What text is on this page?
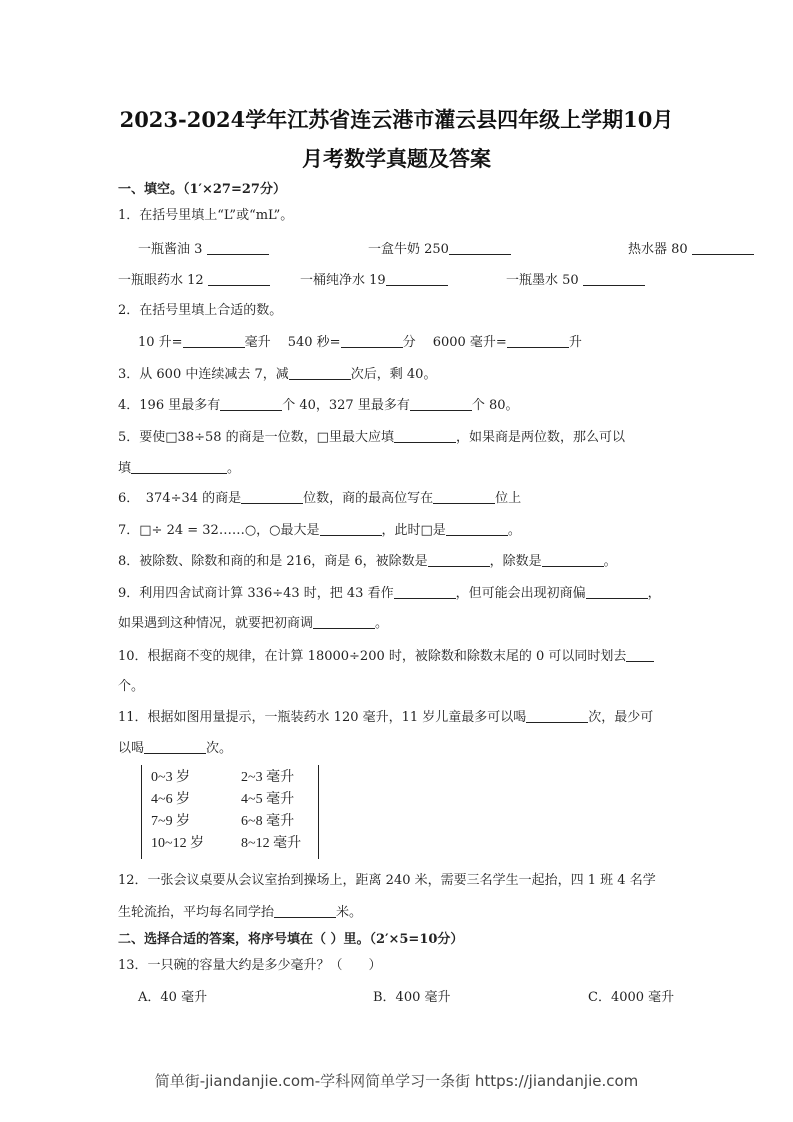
2023-2024学年江苏省连云港市灌云县四年级上学期10月
月考数学真题及答案
一、填空。（1′×27=27分）
1．在括号里填上“L”或“mL”。
一瓶酱油 3	一盒牛奶 250	热水器 80
一瓶眼药水 12	一桶纯净水 19	一瓶墨水 50
2．在括号里填上合适的数。
10 升=	毫升　 540 秒=	分　 6000 毫升=	升
3．从 600 中连续减去 7，减	次后，剩 40。
4．196 里最多有	个 40，327 里最多有	个 80。
5．要使□38÷58 的商是一位数，□里最大应填	，如果商是两位数，那么可以
填	。
6．　374÷34 的商是	位数，商的最高位写在	位上
7．□÷ 24 = 32……○，○最大是	，此时□是	。
8．被除数、除数和商的和是 216，商是 6，被除数是	，除数是	。
9．利用四舍试商计算 336÷43 时，把 43 看作	，但可能会出现初商偏	，
如果遇到这种情况，就要把初商调	。
10．根据商不变的规律，在计算 18000÷200 时，被除数和除数末尾的 0 可以同时划去
个。
11．根据如图用量提示，一瓶装药水 120 毫升，11 岁儿童最多可以喝	次，最少可
以喝	次。
12．一张会议桌要从会议室抬到操场上，距离 240 米，需要三名学生一起抬，四 1 班 4 名学
生轮流抬，平均每名同学抬	米。
二、选择合适的答案，将序号填在（ ）里。（2′×5=10分）
13．一只碗的容量大约是多少毫升？（　　）
A．40 毫升	B．400 毫升	C．4000 毫升
0~3 岁	2~3 毫升
4~6 岁	4~5 毫升
7~9 岁	6~8 毫升
10~12 岁	8~12 毫升
简单街-jiandanjie.com-学科网简单学习一条街 https://jiandanjie.com
